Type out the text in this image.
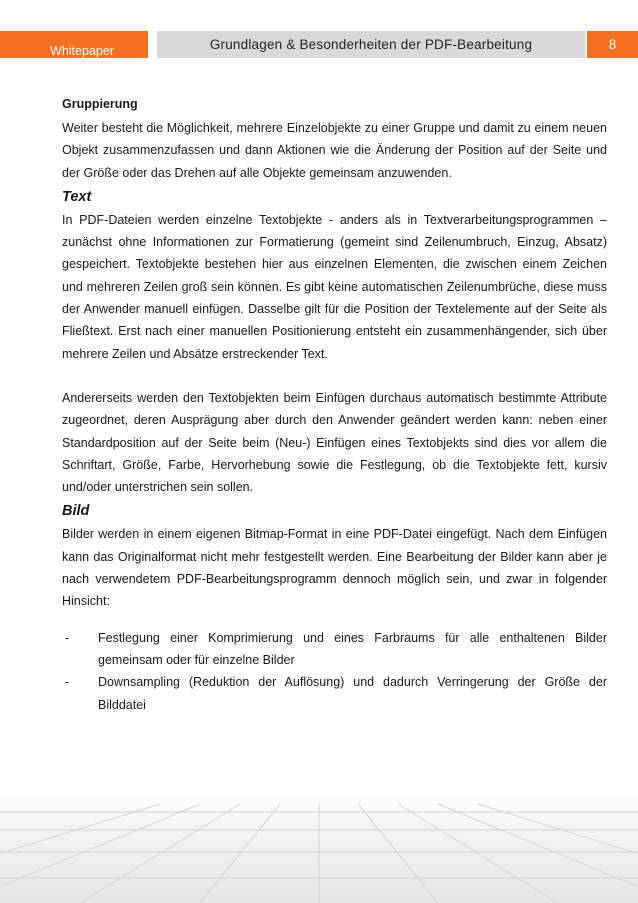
Whitepaper	Grundlagen & Besonderheiten der PDF-Bearbeitung	8
Gruppierung

Weiter besteht die Möglichkeit, mehrere Einzelobjekte zu einer Gruppe und damit zu einem neuen Objekt zusammenzufassen und dann Aktionen wie die Änderung der Position auf der Seite und der Größe oder das Drehen auf alle Objekte gemeinsam anzuwenden.

Text

In PDF-Dateien werden einzelne Textobjekte - anders als in Textverarbeitungsprogrammen – zunächst ohne Informationen zur Formatierung (gemeint sind Zeilenumbruch, Einzug, Absatz) gespeichert. Textobjekte bestehen hier aus einzelnen Elementen, die zwischen einem Zeichen und mehreren Zeilen groß sein können. Es gibt keine automatischen Zeilenumbrüche, diese muss der Anwender manuell einfügen. Dasselbe gilt für die Position der Textelemente auf der Seite als Fließtext. Erst nach einer manuellen Positionierung entsteht ein zusammenhängender, sich über mehrere Zeilen und Absätze erstreckender Text.

Andererseits werden den Textobjekten beim Einfügen durchaus automatisch bestimmte Attribute zugeordnet, deren Ausprägung aber durch den Anwender geändert werden kann: neben einer Standardposition auf der Seite beim (Neu-) Einfügen eines Textobjekts sind dies vor allem die Schriftart, Größe, Farbe, Hervorhebung sowie die Festlegung, ob die Textobjekte fett, kursiv und/oder unterstrichen sein sollen.

Bild

Bilder werden in einem eigenen Bitmap-Format in eine PDF-Datei eingefügt. Nach dem Einfügen kann das Originalformat nicht mehr festgestellt werden. Eine Bearbeitung der Bilder kann aber je nach verwendetem PDF-Bearbeitungsprogramm dennoch möglich sein, und zwar in folgender Hinsicht:

- Festlegung einer Komprimierung und eines Farbraums für alle enthaltenen Bilder gemeinsam oder für einzelne Bilder
- Downsampling (Reduktion der Auflösung) und dadurch Verringerung der Größe der Bilddatei
